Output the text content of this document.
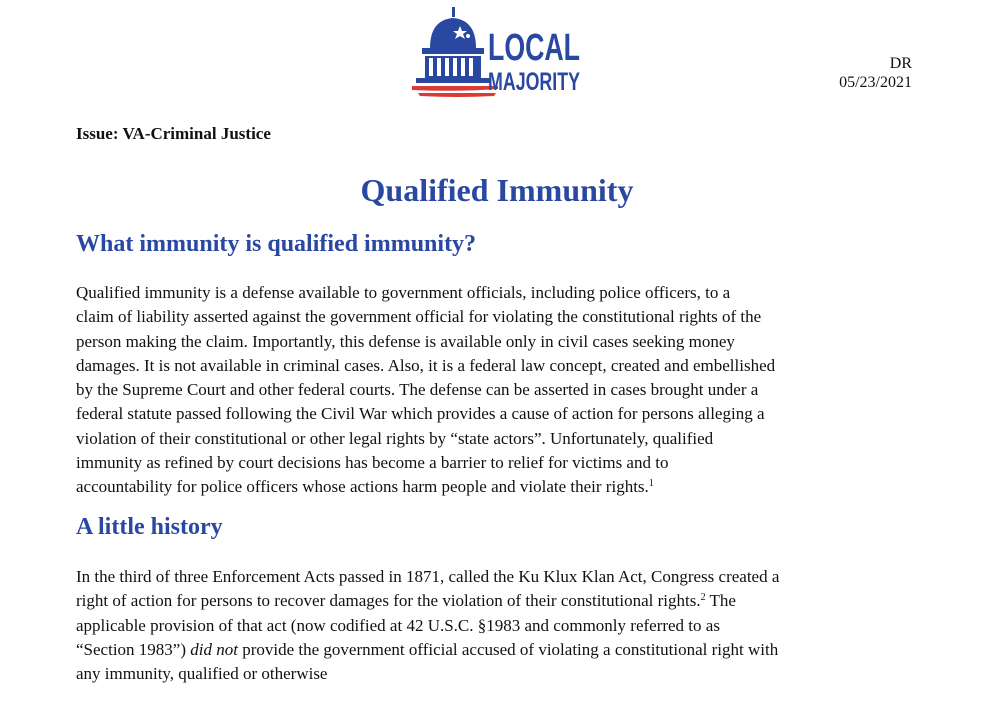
LOCAL
MAJORITY
DR
05/23/2021
Issue: VA-Criminal Justice
Qualified Immunity
What immunity is qualified immunity?
Qualified immunity is a defense available to government officials, including police officers, to a
claim of liability asserted against the government official for violating the constitutional rights of the
person making the claim. Importantly, this defense is available only in civil cases seeking money
damages. It is not available in criminal cases. Also, it is a federal law concept, created and embellished
by the Supreme Court and other federal courts. The defense can be asserted in cases brought under a
federal statute passed following the Civil War which provides a cause of action for persons alleging a
violation of their constitutional or other legal rights by “state actors”. Unfortunately, qualified
immunity as refined by court decisions has become a barrier to relief for victims and to
accountability for police officers whose actions harm people and violate their rights.$^1$
A little history
In the third of three Enforcement Acts passed in 1871, called the Ku Klux Klan Act, Congress created a
right of action for persons to recover damages for the violation of their constitutional rights.$^2$ The
applicable provision of that act (now codified at 42 U.S.C. §1983 and commonly referred to as
“Section 1983”) did not provide the government official accused of violating a constitutional right with
any immunity, qualified or otherwise
